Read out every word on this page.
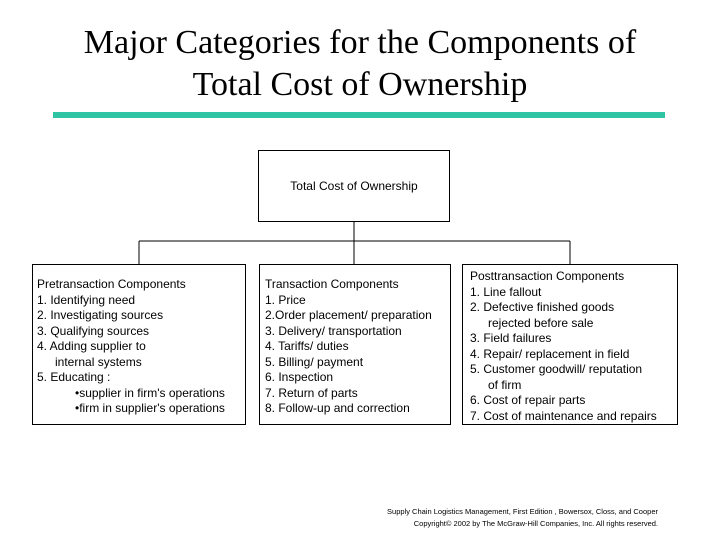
Major Categories for the Components of
Total Cost of Ownership
Total Cost of Ownership
Pretransaction Components
1. Identifying need
2. Investigating sources
3. Qualifying sources
4. Adding supplier to
internal systems
5. Educating :
•supplier in firm's operations
•firm in supplier's operations
Transaction Components
1. Price
2.Order placement/ preparation
3. Delivery/ transportation
4. Tariffs/ duties
5. Billing/ payment
6. Inspection
7. Return of parts
8. Follow-up and correction
Posttransaction Components
1. Line fallout
2. Defective finished goods
rejected before sale
3. Field failures
4. Repair/ replacement in field
5. Customer goodwill/ reputation
of firm
6. Cost of repair parts
7. Cost of maintenance and repairs
Supply Chain Logistics Management, First Edition , Bowersox, Closs, and Cooper
Copyright© 2002 by The McGraw-Hill Companies, Inc. All rights reserved.
